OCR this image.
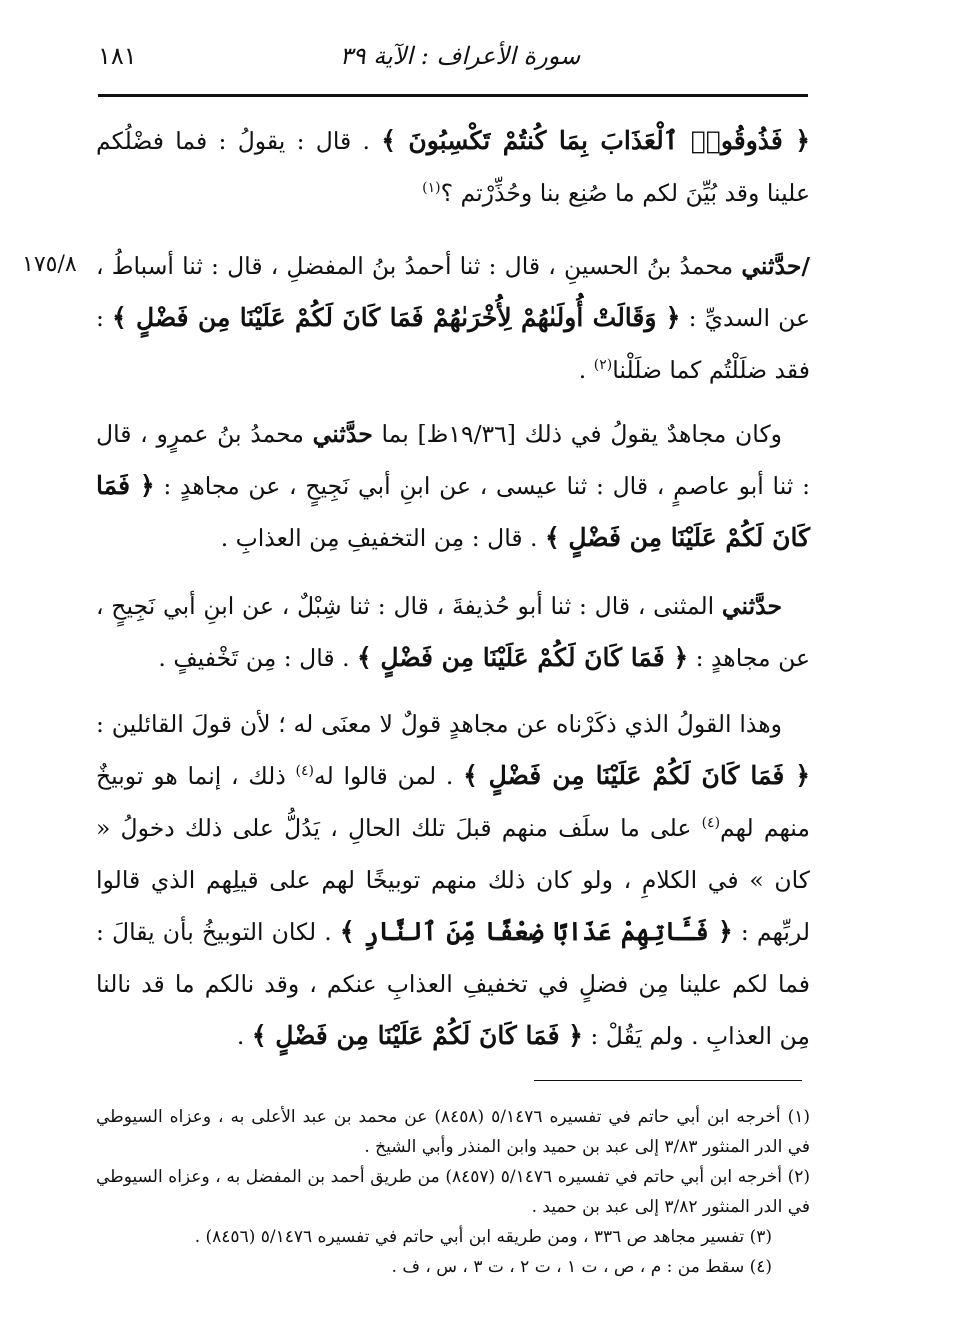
سورة الأعراف : الآية ٣٩
١٨١
١٧٥/٨

﴿ فَذُوقُوا۟ ٱلْعَذَابَ بِمَا كُنتُمْ تَكْسِبُونَ ﴾ . قال : يقولُ : فما فضْلُكم علينا وقد بُيِّنَ لكم ما صُنِع بنا وحُذِّرْتم ؟$^{(١)}$

/حدَّثني محمدُ بنُ الحسينِ ، قال : ثنا أحمدُ بنُ المفضلِ ، قال : ثنا أسباطُ ، عن السديِّ : ﴿ وَقَالَتْ أُولَىٰهُمْ لِأُخْرَىٰهُمْ فَمَا كَانَ لَكُمْ عَلَيْنَا مِن فَضْلٍ ﴾ : فقد ضلَلْتُم كما ضلَلْنا$^{(٢)}$ .

وكان مجاهدٌ يقولُ في ذلك [١٩/٣٦ظ] بما حدَّثني محمدُ بنُ عمرٍو ، قال : ثنا أبو عاصمٍ ، قال : ثنا عيسى ، عن ابنِ أبي نَجِيحٍ ، عن مجاهدٍ : ﴿ فَمَا كَانَ لَكُمْ عَلَيْنَا مِن فَضْلٍ ﴾ . قال : مِن التخفيفِ مِن العذابِ .

حدَّثني المثنى ، قال : ثنا أبو حُذيفةَ ، قال : ثنا شِبْلٌ ، عن ابنِ أبي نَجِيحٍ ، عن مجاهدٍ : ﴿ فَمَا كَانَ لَكُمْ عَلَيْنَا مِن فَضْلٍ ﴾ . قال : مِن تَخْفيفٍ .

وهذا القولُ الذي ذكَرْناه عن مجاهدٍ قولٌ لا معنَى له ؛ لأن قولَ القائلين : ﴿ فَمَا كَانَ لَكُمْ عَلَيْنَا مِن فَضْلٍ ﴾ . لمن قالوا له$^{(٤)}$ ذلك ، إنما هو توبيخٌ منهم لهم$^{(٤)}$ على ما سلَف منهم قبلَ تلك الحالِ ، يَدُلُّ على ذلك دخولُ « كان » في الكلامِ ، ولو كان ذلك منهم توبيخًا لهم على قيلِهم الذي قالوا لربِّهم : ﴿ فَـَٔاتِهِمْ عَذَابًا ضِعْفًا مِّنَ ٱلنَّارِ ﴾ . لكان التوبيخُ بأن يقالَ : فما لكم علينا مِن فضلٍ في تخفيفِ العذابِ عنكم ، وقد نالكم ما قد نالنا مِن العذابِ . ولم يَقُلْ : ﴿ فَمَا كَانَ لَكُمْ عَلَيْنَا مِن فَضْلٍ ﴾ .

(١) أخرجه ابن أبي حاتم في تفسيره ٥/١٤٧٦ (٨٤٥٨) عن محمد بن عبد الأعلى به ، وعزاه السيوطي في الدر المنثور ٣/٨٣ إلى عبد بن حميد وابن المنذر وأبي الشيخ .

(٢) أخرجه ابن أبي حاتم في تفسيره ٥/١٤٧٦ (٨٤٥٧) من طريق أحمد بن المفضل به ، وعزاه السيوطي في الدر المنثور ٣/٨٢ إلى عبد بن حميد .

(٣) تفسير مجاهد ص ٣٣٦ ، ومن طريقه ابن أبي حاتم في تفسيره ٥/١٤٧٦ (٨٤٥٦) .

(٤) سقط من : م ، ص ، ت ١ ، ت ٢ ، ت ٣ ، س ، ف .
